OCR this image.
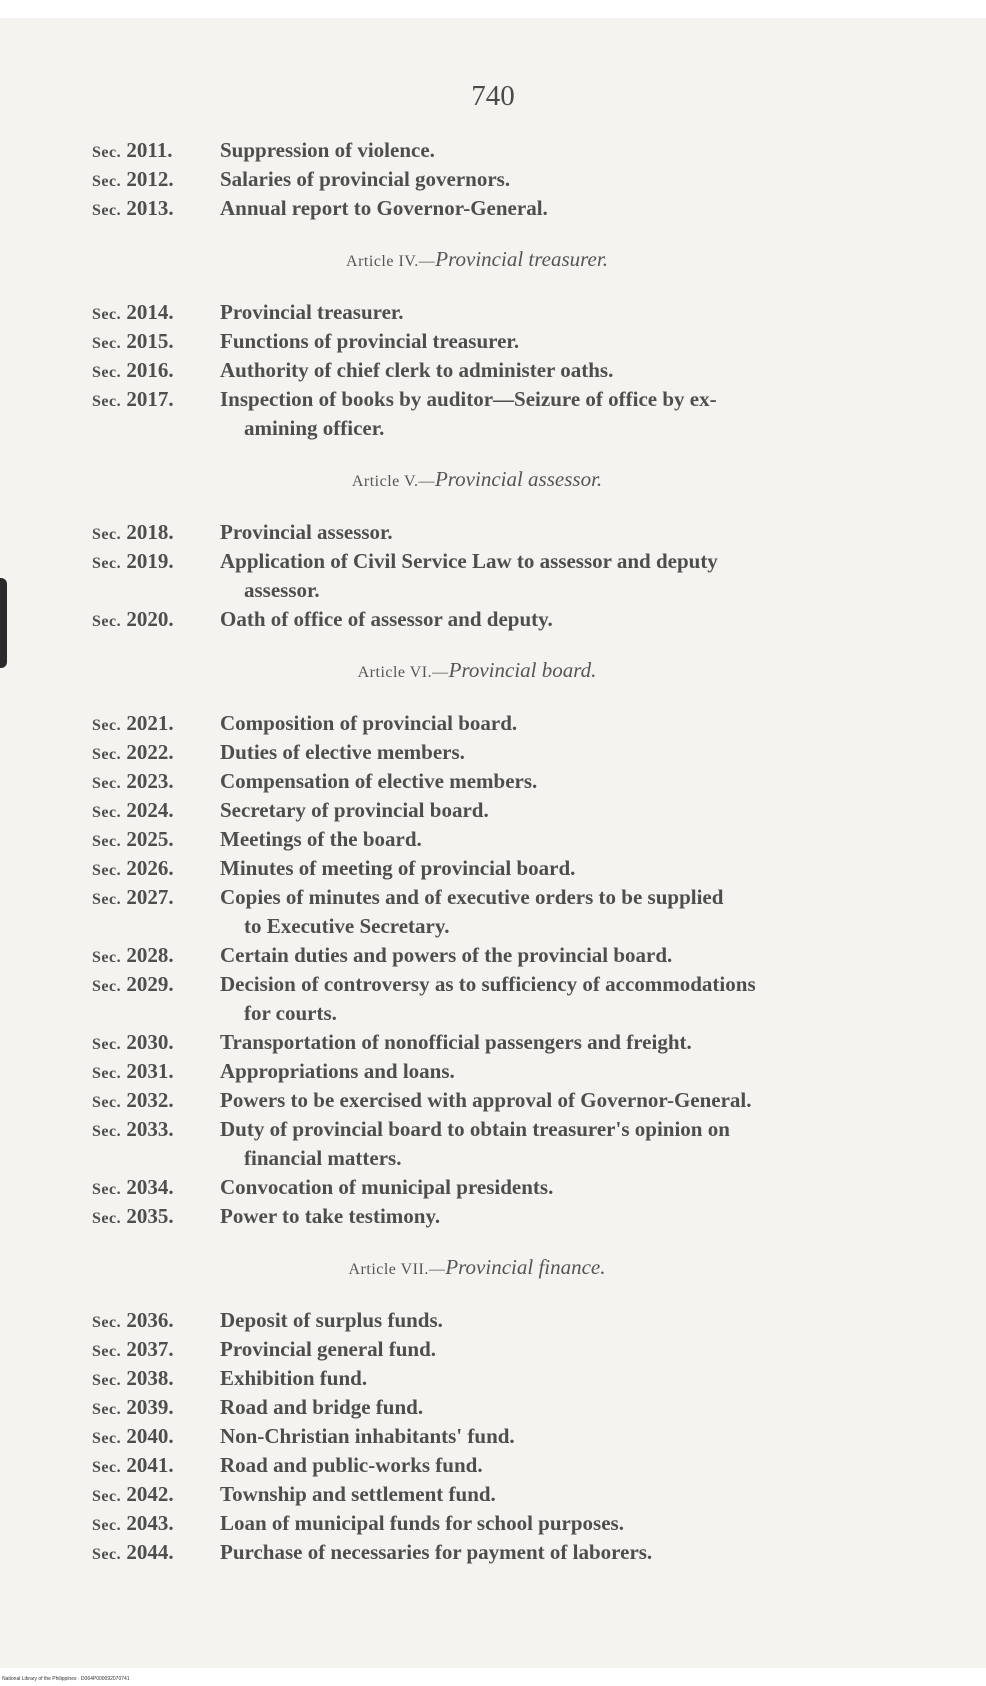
740
Sec. 2011. Suppression of violence.
Sec. 2012. Salaries of provincial governors.
Sec. 2013. Annual report to Governor-General.
Article IV.—Provincial treasurer.
Sec. 2014. Provincial treasurer.
Sec. 2015. Functions of provincial treasurer.
Sec. 2016. Authority of chief clerk to administer oaths.
Sec. 2017. Inspection of books by auditor—Seizure of office by ex-
amining officer.
Article V.—Provincial assessor.
Sec. 2018. Provincial assessor.
Sec. 2019. Application of Civil Service Law to assessor and deputy
assessor.
Sec. 2020. Oath of office of assessor and deputy.
Article VI.—Provincial board.
Sec. 2021. Composition of provincial board.
Sec. 2022. Duties of elective members.
Sec. 2023. Compensation of elective members.
Sec. 2024. Secretary of provincial board.
Sec. 2025. Meetings of the board.
Sec. 2026. Minutes of meeting of provincial board.
Sec. 2027. Copies of minutes and of executive orders to be supplied
to Executive Secretary.
Sec. 2028. Certain duties and powers of the provincial board.
Sec. 2029. Decision of controversy as to sufficiency of accommodations
for courts.
Sec. 2030. Transportation of nonofficial passengers and freight.
Sec. 2031. Appropriations and loans.
Sec. 2032. Powers to be exercised with approval of Governor-General.
Sec. 2033. Duty of provincial board to obtain treasurer's opinion on
financial matters.
Sec. 2034. Convocation of municipal presidents.
Sec. 2035. Power to take testimony.
Article VII.—Provincial finance.
Sec. 2036. Deposit of surplus funds.
Sec. 2037. Provincial general fund.
Sec. 2038. Exhibition fund.
Sec. 2039. Road and bridge fund.
Sec. 2040. Non-Christian inhabitants' fund.
Sec. 2041. Road and public-works fund.
Sec. 2042. Township and settlement fund.
Sec. 2043. Loan of municipal funds for school purposes.
Sec. 2044. Purchase of necessaries for payment of laborers.
National Library of the Philippines · D064P000092070741
